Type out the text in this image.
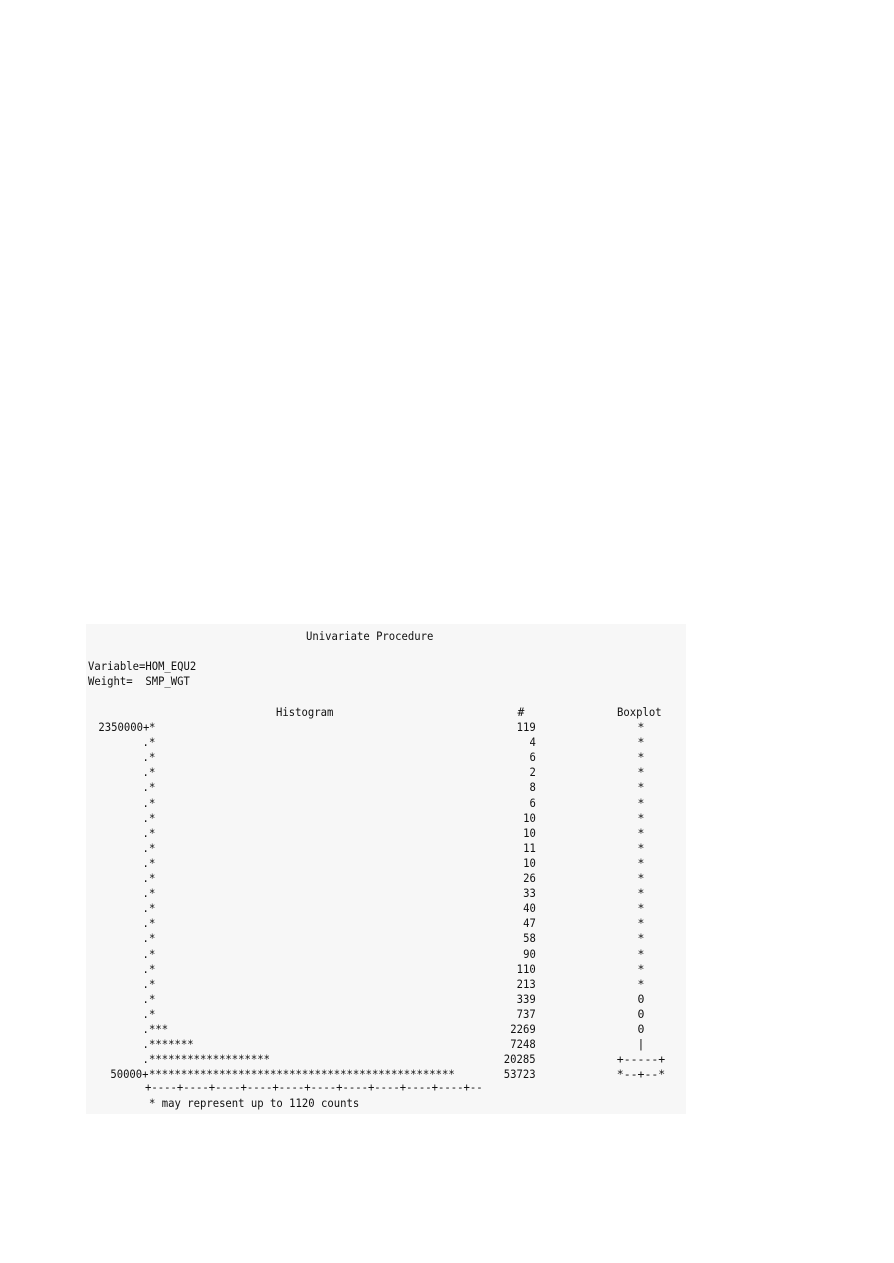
Univariate Procedure
Variable=HOM_EQU2
Weight=  SMP_WGT
Histogram	#	Boxplot
2350000+ *	119	*
. *	4	*
. *	6	*
. *	2	*
. *	8	*
. *	6	*
. *	10	*
. *	10	*
. *	11	*
. *	10	*
. *	26	*
. *	33	*
. *	40	*
. *	47	*
. *	58	*
. *	90	*
. *	110	*
. *	213	*
. *	339	0
. *	737	0
. ***	2269	0
. *******	7248	|
. *******************	20285	+-----+
50000+ ************************************************	53723	*--+--*
+----+----+----+----+----+----+----+----+----+----+--
* may represent up to 1120 counts
